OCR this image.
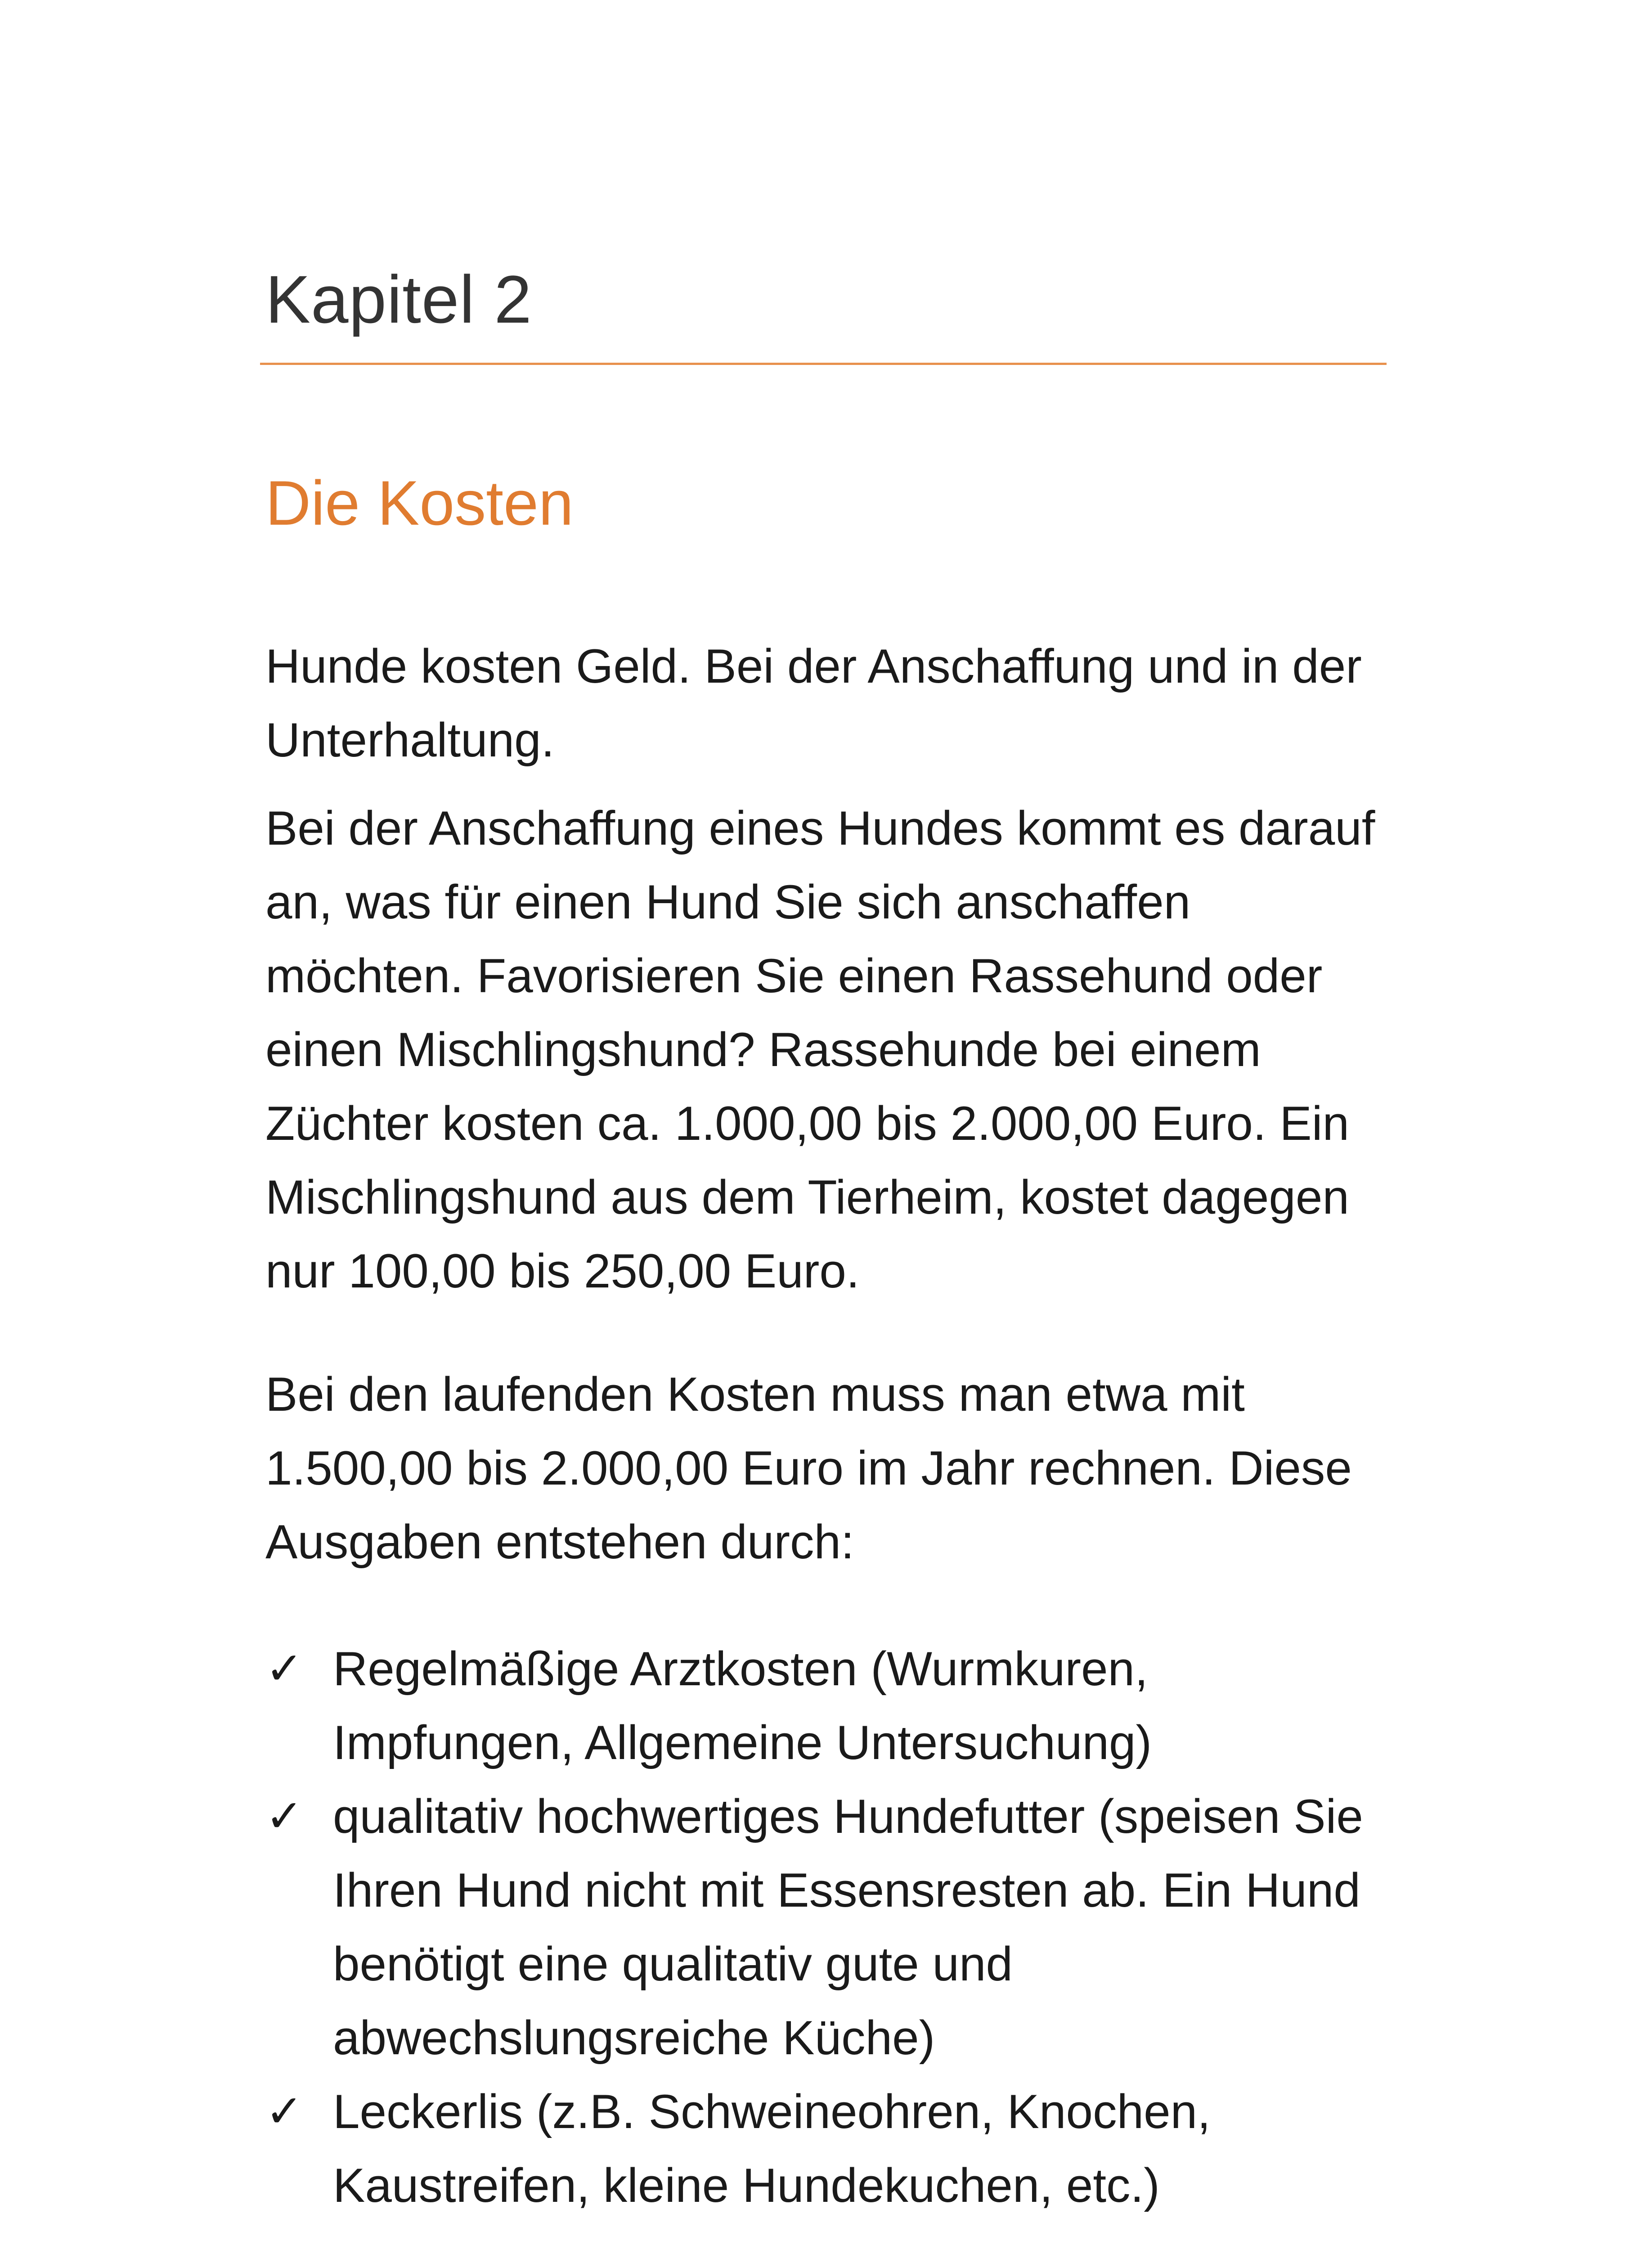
Kapitel 2
Die Kosten

Hunde kosten Geld. Bei der Anschaffung und in der Unterhaltung.

Bei der Anschaffung eines Hundes kommt es darauf an, was für einen Hund Sie sich anschaffen möchten. Favorisieren Sie einen Rassehund oder einen Mischlingshund? Rassehunde bei einem Züchter kosten ca. 1.000,00 bis 2.000,00 Euro. Ein Mischlingshund aus dem Tierheim, kostet dagegen nur 100,00 bis 250,00 Euro.

Bei den laufenden Kosten muss man etwa mit 1.500,00 bis 2.000,00 Euro im Jahr rechnen. Diese Ausgaben entstehen durch:

✓ Regelmäßige Arztkosten (Wurmkuren, Impfungen, Allgemeine Untersuchung)
✓ qualitativ hochwertiges Hundefutter (speisen Sie Ihren Hund nicht mit Essensresten ab. Ein Hund benötigt eine qualitativ gute und abwechslungsreiche Küche)
✓ Leckerlis (z.B. Schweineohren, Knochen, Kaustreifen, kleine Hundekuchen, etc.)
